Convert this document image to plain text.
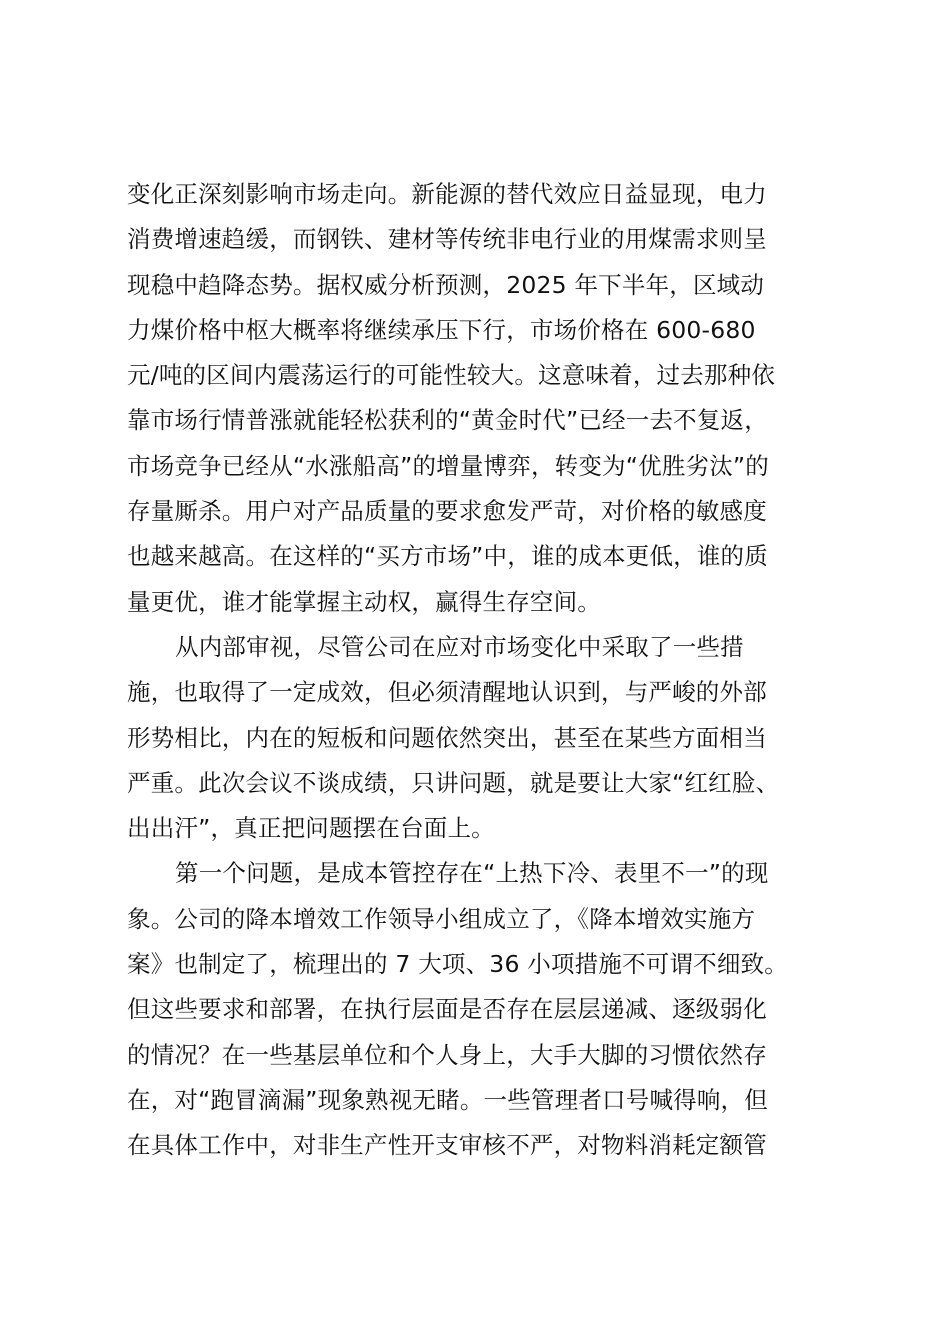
变化正深刻影响市场走向。新能源的替代效应日益显现，电力
消费增速趋缓，而钢铁、建材等传统非电行业的用煤需求则呈
现稳中趋降态势。据权威分析预测，2025 年下半年，区域动
力煤价格中枢大概率将继续承压下行，市场价格在 600-680
元/吨的区间内震荡运行的可能性较大。这意味着，过去那种依
靠市场行情普涨就能轻松获利的“黄金时代”已经一去不复返，
市场竞争已经从“水涨船高”的增量博弈，转变为“优胜劣汰”的
存量厮杀。用户对产品质量的要求愈发严苛，对价格的敏感度
也越来越高。在这样的“买方市场”中，谁的成本更低，谁的质
量更优，谁才能掌握主动权，赢得生存空间。
从内部审视，尽管公司在应对市场变化中采取了一些措
施，也取得了一定成效，但必须清醒地认识到，与严峻的外部
形势相比，内在的短板和问题依然突出，甚至在某些方面相当
严重。此次会议不谈成绩，只讲问题，就是要让大家“红红脸、
出出汗”，真正把问题摆在台面上。
第一个问题，是成本管控存在“上热下冷、表里不一”的现
象。公司的降本增效工作领导小组成立了，《降本增效实施方
案》也制定了，梳理出的 7 大项、36 小项措施不可谓不细致。
但这些要求和部署，在执行层面是否存在层层递减、逐级弱化
的情况？在一些基层单位和个人身上，大手大脚的习惯依然存
在，对“跑冒滴漏”现象熟视无睹。一些管理者口号喊得响，但
在具体工作中，对非生产性开支审核不严，对物料消耗定额管
